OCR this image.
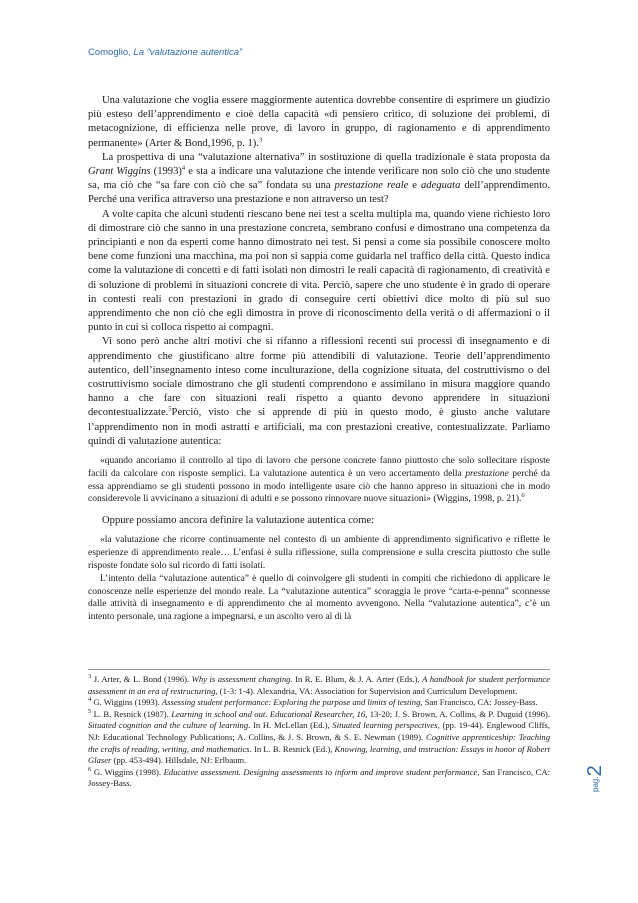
Comoglio, La “valutazione autentica”

Una valutazione che voglia essere maggiormente autentica dovrebbe consentire di esprimere un giudizio più esteso dell’apprendimento e cioè della capacità «di pensiero critico, di soluzione dei problemi, di metacognizione, di efficienza nelle prove, di lavoro in gruppo, di ragionamento e di apprendimento permanente» (Arter & Bond,1996, p. 1).$^3$

La prospettiva di una “valutazione alternativa” in sostituzione di quella tradizionale è stata proposta da Grant Wiggins $(1993)^4$ e sta a indicare una valutazione che intende verificare non solo ciò che uno studente sa, ma ciò che “sa fare con ciò che sa” fondata su una prestazione reale e adeguata dell’apprendimento. Perché una verifica attraverso una prestazione e non attraverso un test?

A volte capita che alcuni studenti riescano bene nei test a scelta multipla ma, quando viene richiesto loro di dimostrare ciò che sanno in una prestazione concreta, sembrano confusi e dimostrano una competenza da principianti e non da esperti come hanno dimostrato nei test. Si pensi a come sia possibile conoscere molto bene come funzioni una macchina, ma poi non si sappia come guidarla nel traffico della città. Questo indica come la valutazione di concetti e di fatti isolati non dimostri le reali capacità di ragionamento, di creatività e di soluzione di problemi in situazioni concrete di vita. Perciò, sapere che uno studente è in grado di operare in contesti reali con prestazioni in grado di conseguire certi obiettivi dice molto di più sul suo apprendimento che non ciò che egli dimostra in prove di riconoscimento della verità o di affermazioni o il punto in cui si colloca rispetto ai compagni.

Vi sono però anche altri motivi che si rifanno a riflessioni recenti sui processi di insegnamento e di apprendimento che giustificano altre forme più attendibili di valutazione. Teorie dell’apprendimento autentico, dell’insegnamento inteso come inculturazione, della cognizione situata, del costruttivismo o del costruttivismo sociale dimostrano che gli studenti comprendono e assimilano in misura maggiore quando hanno a che fare con situazioni reali rispetto a quanto devono apprendere in situazioni decontestualizzate.$^5$Perciò, visto che si apprende di più in questo modo, è giusto anche valutare l’apprendimento non in modi astratti e artificiali, ma con prestazioni creative, contestualizzate. Parliamo quindi di valutazione autentica:

«quando ancoriamo il controllo al tipo di lavoro che persone concrete fanno piuttosto che solo sollecitare risposte facili da calcolare con risposte semplici. La valutazione autentica è un vero accertamento della prestazione perché da essa apprendiamo se gli studenti possono in modo intelligente usare ciò che hanno appreso in situazioni che in modo considerevole li avvicinano a situazioni di adulti e se possono rinnovare nuove situazioni» (Wiggins, 1998, p. 21).$^6$

Oppure possiamo ancora definire la valutazione autentica come:

«la valutazione che ricorre continuamente nel contesto di un ambiente di apprendimento significativo e riflette le esperienze di apprendimento reale… L’enfasi è sulla riflessione, sulla comprensione e sulla crescita piuttosto che sulle risposte fondate solo sul ricordo di fatti isolati.

L’intento della “valutazione autentica” è quello di coinvolgere gli studenti in compiti che richiedono di applicare le conoscenze nelle esperienze del mondo reale. La “valutazione autentica” scoraggia le prove “carta-e-penna” sconnesse dalle attività di insegnamento e di apprendimento che al momento avvengono. Nella “valutazione autentica”, c’è un intento personale, una ragione a impegnarsi, e un ascolto vero al di là

$^3$ J. Arter, & L. Bond (1996). Why is assessment changing. In R. E. Blum, & J. A. Arter (Eds.), A handbook for student performance assessment in an era of restructuring, (1-3: 1-4). Alexandria, VA: Association for Supervision and Curriculum Development.

$^4$ G. Wiggins (1993). Assessing student performance: Exploring the purpose and limits of testing, San Francisco, CA: Jossey-Bass.

$^5$ L. B. Resnick (1987). Learning in school and out. Educational Researcher, 16, 13-20; J. S. Brown, A. Collins, & P. Duguid (1996). Situated cognition and the culture of learning. In H. McLellan (Ed.), Situated learning perspectives, (pp. 19-44). Englewood Cliffs, NJ: Educational Technology Publications; A. Collins, & J. S. Brown, & S. E. Newman (1989). Cognitive apprenticeship: Teaching the crafts of reading, writing, and mathematics. In L. B. Resnick (Ed.), Knowing, learning, and instruction: Essays in honor of Robert Glaser (pp. 453-494). Hillsdale, NJ: Erlbaum.

$^6$ G. Wiggins (1998). Educative assessment. Designing assessments to inform and improve student performance, San Francisco, CA: Jossey-Bass.	pag.2
